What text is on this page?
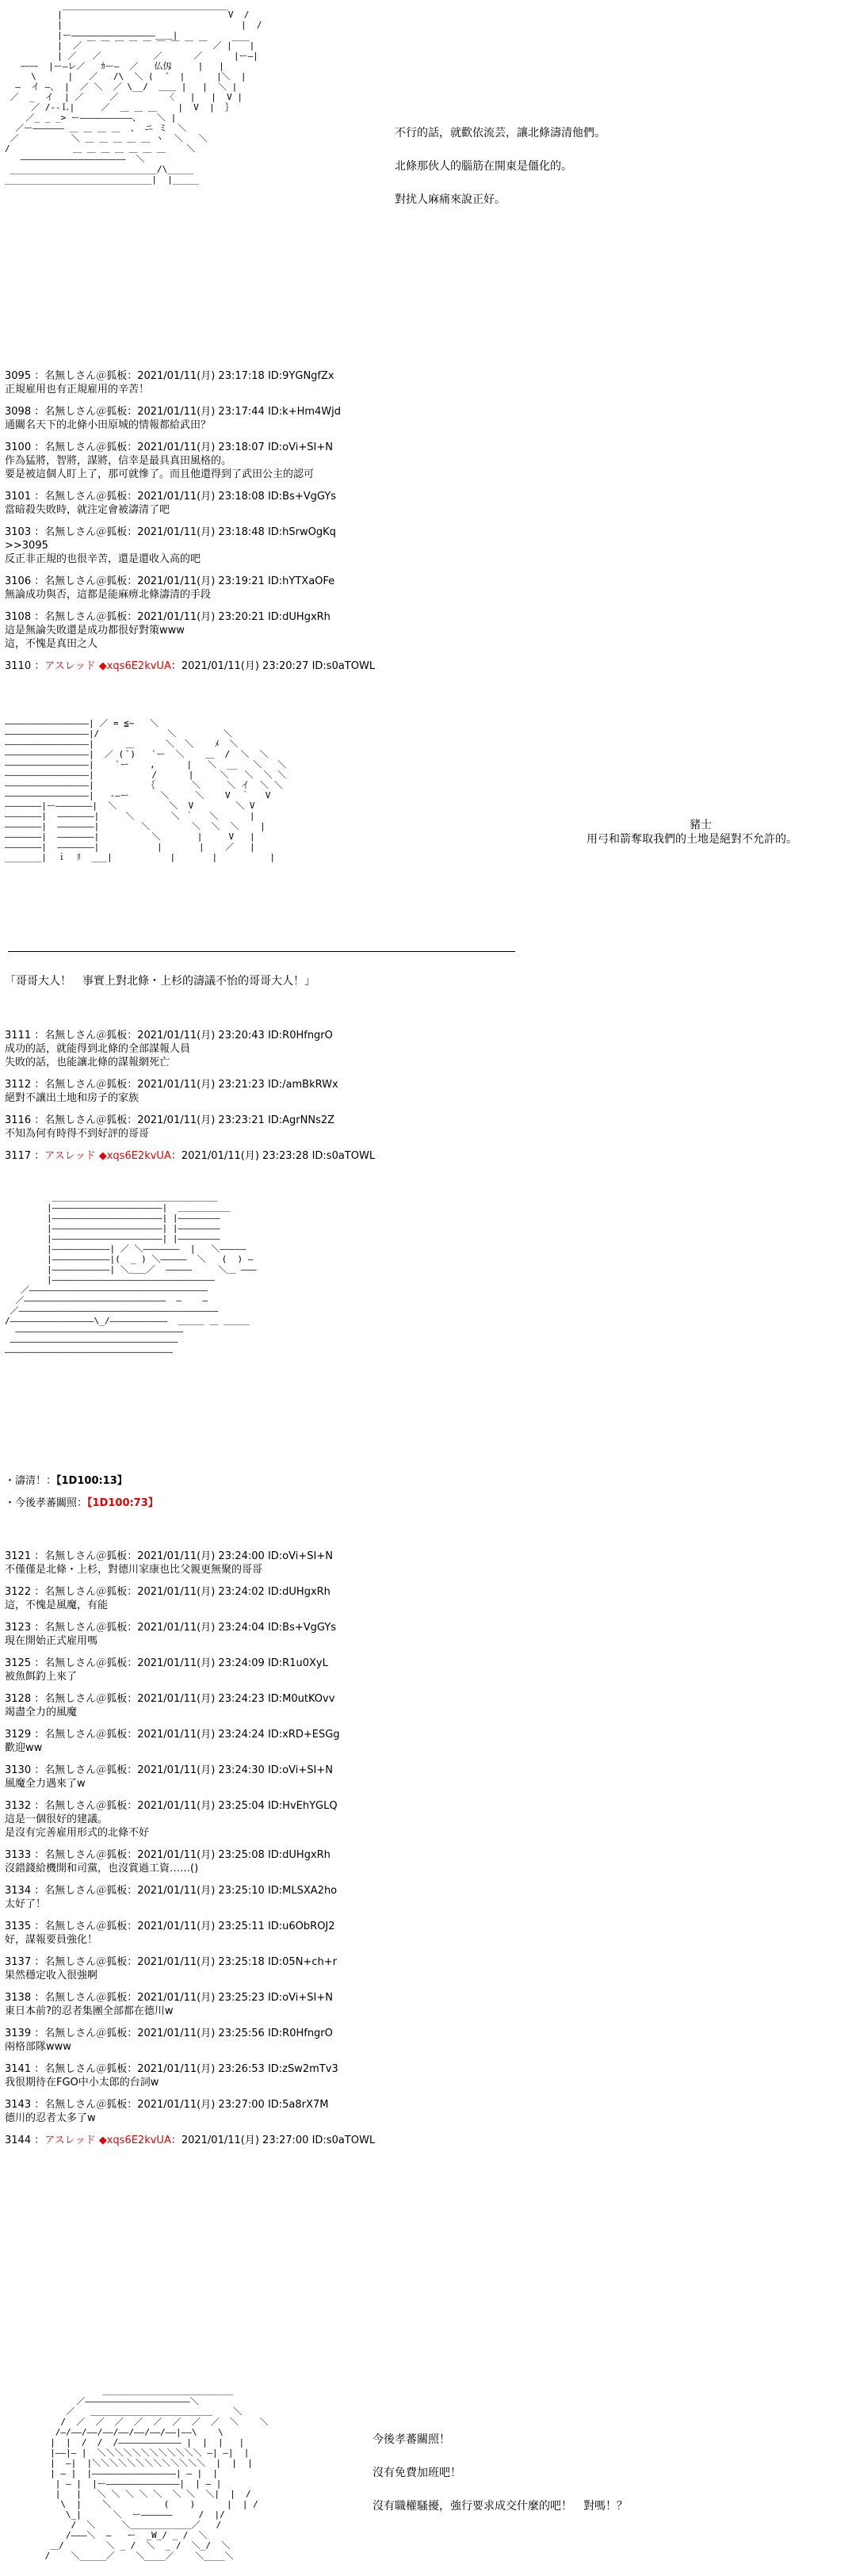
|￣￣￣￣￣￣￣￣￣￣￣￣￣￣￣￣￣￣￣V  /
|                                  |  /
|ー――――――――――――――――＿＿|
|  ／ ￣ ￣ ￣ ￣ ￣ ￣ ￣ ￣ ￣ ／ |￣￣|
| ／   ／          ／      ／      |ー―|
ｰｰｰｰ  |ー―レ／   ｶー―  ／   仏仭     |   |
\      |   ／   /\  ＼ (  ´  |      |＼  |
―  イ ―、 |  ／ ＼  ／ \__/  ＿＿ |   |  ＼ |
／  _  イ  | ／     ／         〈   |   |  V |
／ /--Ｌ|     ／  ＿ ＿ ＿    |  V  |  ｝
／_ _ _> ー――――――――――、   ＼ |
／ー―――――― ＿ ＿ ＿ ＿  、 ニ ミ  ＼
／          ＼ ＿ ＿ ＿ ＿ ＿ ヽ  ＼   ＼
/            ＿ ＿ ＿ ＿ ＿ ＿ ＿    ＼
――――――――――――――――――――  ＼
____________________________/\_____
____________________________|  |_____

不行的話，就歡依流芸，讓北條濤清他們。

北條那伙人的腦筋在開東是僵化的。

對扰人麻痛來說正好。

3095 ：名無しさん＠狐板：2021/01/11(月) 23:17:18 ID:9YGNgfZx
正規雇用也有正規雇用的辛苦！
3098 ：名無しさん＠狐板：2021/01/11(月) 23:17:44 ID:k+Hm4Wjd
通關名天下的北條小田原城的情報都給武田？
3100 ：名無しさん＠狐板：2021/01/11(月) 23:18:07 ID:oVi+SI+N
作為猛將，智將，謀將，信幸是最具真田風格的。
要是被這個人盯上了，那可就慘了。而且他還得到了武田公主的認可
3101 ：名無しさん＠狐板：2021/01/11(月) 23:18:08 ID:Bs+VgGYs
當暗殺失敗時，就注定會被濤清了吧
3103 ：名無しさん＠狐板：2021/01/11(月) 23:18:48 ID:hSrwOgKq
>>3095
反正非正規的也很辛苦，還是還收入高的吧
3106 ：名無しさん＠狐板：2021/01/11(月) 23:19:21 ID:hYTXaOFe
無論成功與否，這都是能麻痹北條濤清的手段
3108 ：名無しさん＠狐板：2021/01/11(月) 23:20:21 ID:dUHgxRh
這是無論失敗還是成功都很好對策www
這，不愧是真田之人
3110 ：アスレッド ◆xqs6E2kvUA：2021/01/11(月) 23:20:27 ID:s0aTOWL
――――――――――――――――| ／ = ≦~   ＼
――――――――――――――――|/             ＼         ＼
――――――――――――――――|      ＿      ＼  ＼    ﾒ  ＼
――――――――――――――――|  ／ ( ﾟ)   `ー  ＼    ＿  /  ＼  ＼
――――――――――――――――|    `ー    ,      |   ＼  __   ＼   ＼
――――――――――――――――|           /      |     ＼   ＼  ＼ ＼
――――――――――――――――|          ｛       ＼     ＼ イ  ＼ ＼
――――――――――――――――|   -―ー      ＼     ＼    V  ｀   V
―――――――|ー―――――――|  ＼          ＼  V        ＼ V
―――――――|  ―――――――|     ＼       ＼ ｀   ＼      |
―――――――|  ―――――――|        ＼        ＼  ＼  ＼    |
―――――――|  ―――――――|          ＼       |     V   |
―――――――|  ―――――――|           |       |    ／   |
_______|  ｉ  ﾘ  ___|           |       |          |
豬士
用弓和箭奪取我們的土地是絕對不允許的。
「哥哥大人！　事實上對北條・上杉的濤議不怡的哥哥大人！」
3111 ：名無しさん＠狐板：2021/01/11(月) 23:20:43 ID:R0HfngrO
成功的話，就能得到北條的全部謀報人員
失敗的話，也能讓北條的謀報網死亡
3112 ：名無しさん＠狐板：2021/01/11(月) 23:21:23 ID:/amBkRWx
絕對不讓出土地和房子的家族
3116 ：名無しさん＠狐板：2021/01/11(月) 23:23:21 ID:AgrNNs2Z
不知為何有時得不到好評的哥哥
3117 ：アスレッド ◆xqs6E2kvUA：2021/01/11(月) 23:23:28 ID:s0aTOWL
＿＿＿＿＿＿＿＿＿＿＿＿＿＿＿＿＿＿＿
|―――――――――――――――――――――|  ＿＿＿＿＿＿
|―――――――――――――――――――――| |――――――――
|―――――――――――――――――――――| |――――――――
|―――――――――――――――――――――| |――――――――
|―――――――――――| ／ ＼―――――――  |   ＼―――――
|―――――――――――|(  _ ) ＼―――――  ＼   (  ) ―
|―――――――――――| ＼＿＿／  ―――――     ＼＿ ―――
|―――――――――――――――――――――――――――――――
／――――――――――――――――――――――――――――――――――
／―――――――――――――――――――――――――――  ―    ―
／――――――――――――――――――――――――――――――――――――――
/――――――――――――――――\_/―――――――――――  ＿＿＿ ＿ ＿＿＿
――――――――――――――――――――――――――――――――
――――――――――――――――――――――――――――――――
――――――――――――――――――――――――――――――――
・濤清！：【1D100:13】
・今後孝蕃關照：【1D100:73】
3121 ：名無しさん＠狐板：2021/01/11(月) 23:24:00 ID:oVi+SI+N
不僅僅是北條・上杉，對德川家康也比父親更無聚的哥哥
3122 ：名無しさん＠狐板：2021/01/11(月) 23:24:02 ID:dUHgxRh
這，不愧是風魔，有能
3123 ：名無しさん＠狐板：2021/01/11(月) 23:24:04 ID:Bs+VgGYs
現在開始正式雇用嗎
3125 ：名無しさん＠狐板：2021/01/11(月) 23:24:09 ID:R1u0XyL
被魚餌釣上來了
3128 ：名無しさん＠狐板：2021/01/11(月) 23:24:23 ID:M0utKOvv
竭盡全力的風魔
3129 ：名無しさん＠狐板：2021/01/11(月) 23:24:24 ID:xRD+ESGg
歡迎ww
3130 ：名無しさん＠狐板：2021/01/11(月) 23:24:30 ID:oVi+SI+N
風魔全力遇來了w
3132 ：名無しさん＠狐板：2021/01/11(月) 23:25:04 ID:HvEhYGLQ
這是一個很好的建議。
是沒有完善雇用形式的北條不好
3133 ：名無しさん＠狐板：2021/01/11(月) 23:25:08 ID:dUHgxRh
沒錯錢給機開和司黨，也沒賞過工資……()
3134 ：名無しさん＠狐板：2021/01/11(月) 23:25:10 ID:MLSXA2ho
太好了！
3135 ：名無しさん＠狐板：2021/01/11(月) 23:25:11 ID:u6ObROJ2
好，謀報要員強化！
3137 ：名無しさん＠狐板：2021/01/11(月) 23:25:18 ID:05N+ch+r
果然穩定收入很強啊
3138 ：名無しさん＠狐板：2021/01/11(月) 23:25:23 ID:oVi+SI+N
東日本前?的忍者集團全部都在德川w
3139 ：名無しさん＠狐板：2021/01/11(月) 23:25:56 ID:R0HfngrO
兩格部隊www
3141 ：名無しさん＠狐板：2021/01/11(月) 23:26:53 ID:zSw2mTv3
我很期待在FGO中小太郎的台詞w
3143 ：名無しさん＠狐板：2021/01/11(月) 23:27:00 ID:5a8rX7M
德川的忍者太多了w
3144 ：アスレッド ◆xqs6E2kvUA：2021/01/11(月) 23:27:00 ID:s0aTOWL
＿＿＿＿＿＿＿＿＿＿＿＿＿＿＿
／――――――――――――――――――――＼
／   ＿＿＿＿＿＿＿＿＿＿＿＿＿＿    ＼
/  ／  ／  ／  ／  ／  ／  ／  ／  ＼    ＼
/―/――/――/――/――/――/――/――|――\    \
|  |  /  /  /―――――――――――― |  |  |   |
|――|― |  ＼＼＼＼＼＼＼＼＼＼＼＼ ―| ―|  |
|  ―|  |＼＼＼＼＼＼＼＼＼＼＼＼＼  |  |  |
| ― |  |――――――――――――――――| ― |  |
| ― |  |ー――――――――――――――|  | ― |
|   |   ＼ ＼ ＼ ＼ ＼  ＼ ＼  ＼|  |  /
\  |    ＼          (    )      |  | /
\_|      ＼  ー――――――     /  |/
/  ＼     ＼＿＿＿＿＿＿＿／   /
/―――＼  ―   ー  _W_/ _ /  ＼
＿/        ＼ _ /  ＼  _ /  ＼_/  ＼
/    ＼_____／    ＼____／    ＼____＼

今後孝蕃關照！

沒有免費加班吧！

沒有職權騷擾，強行要求成交什麼的吧！　對嗎！？
